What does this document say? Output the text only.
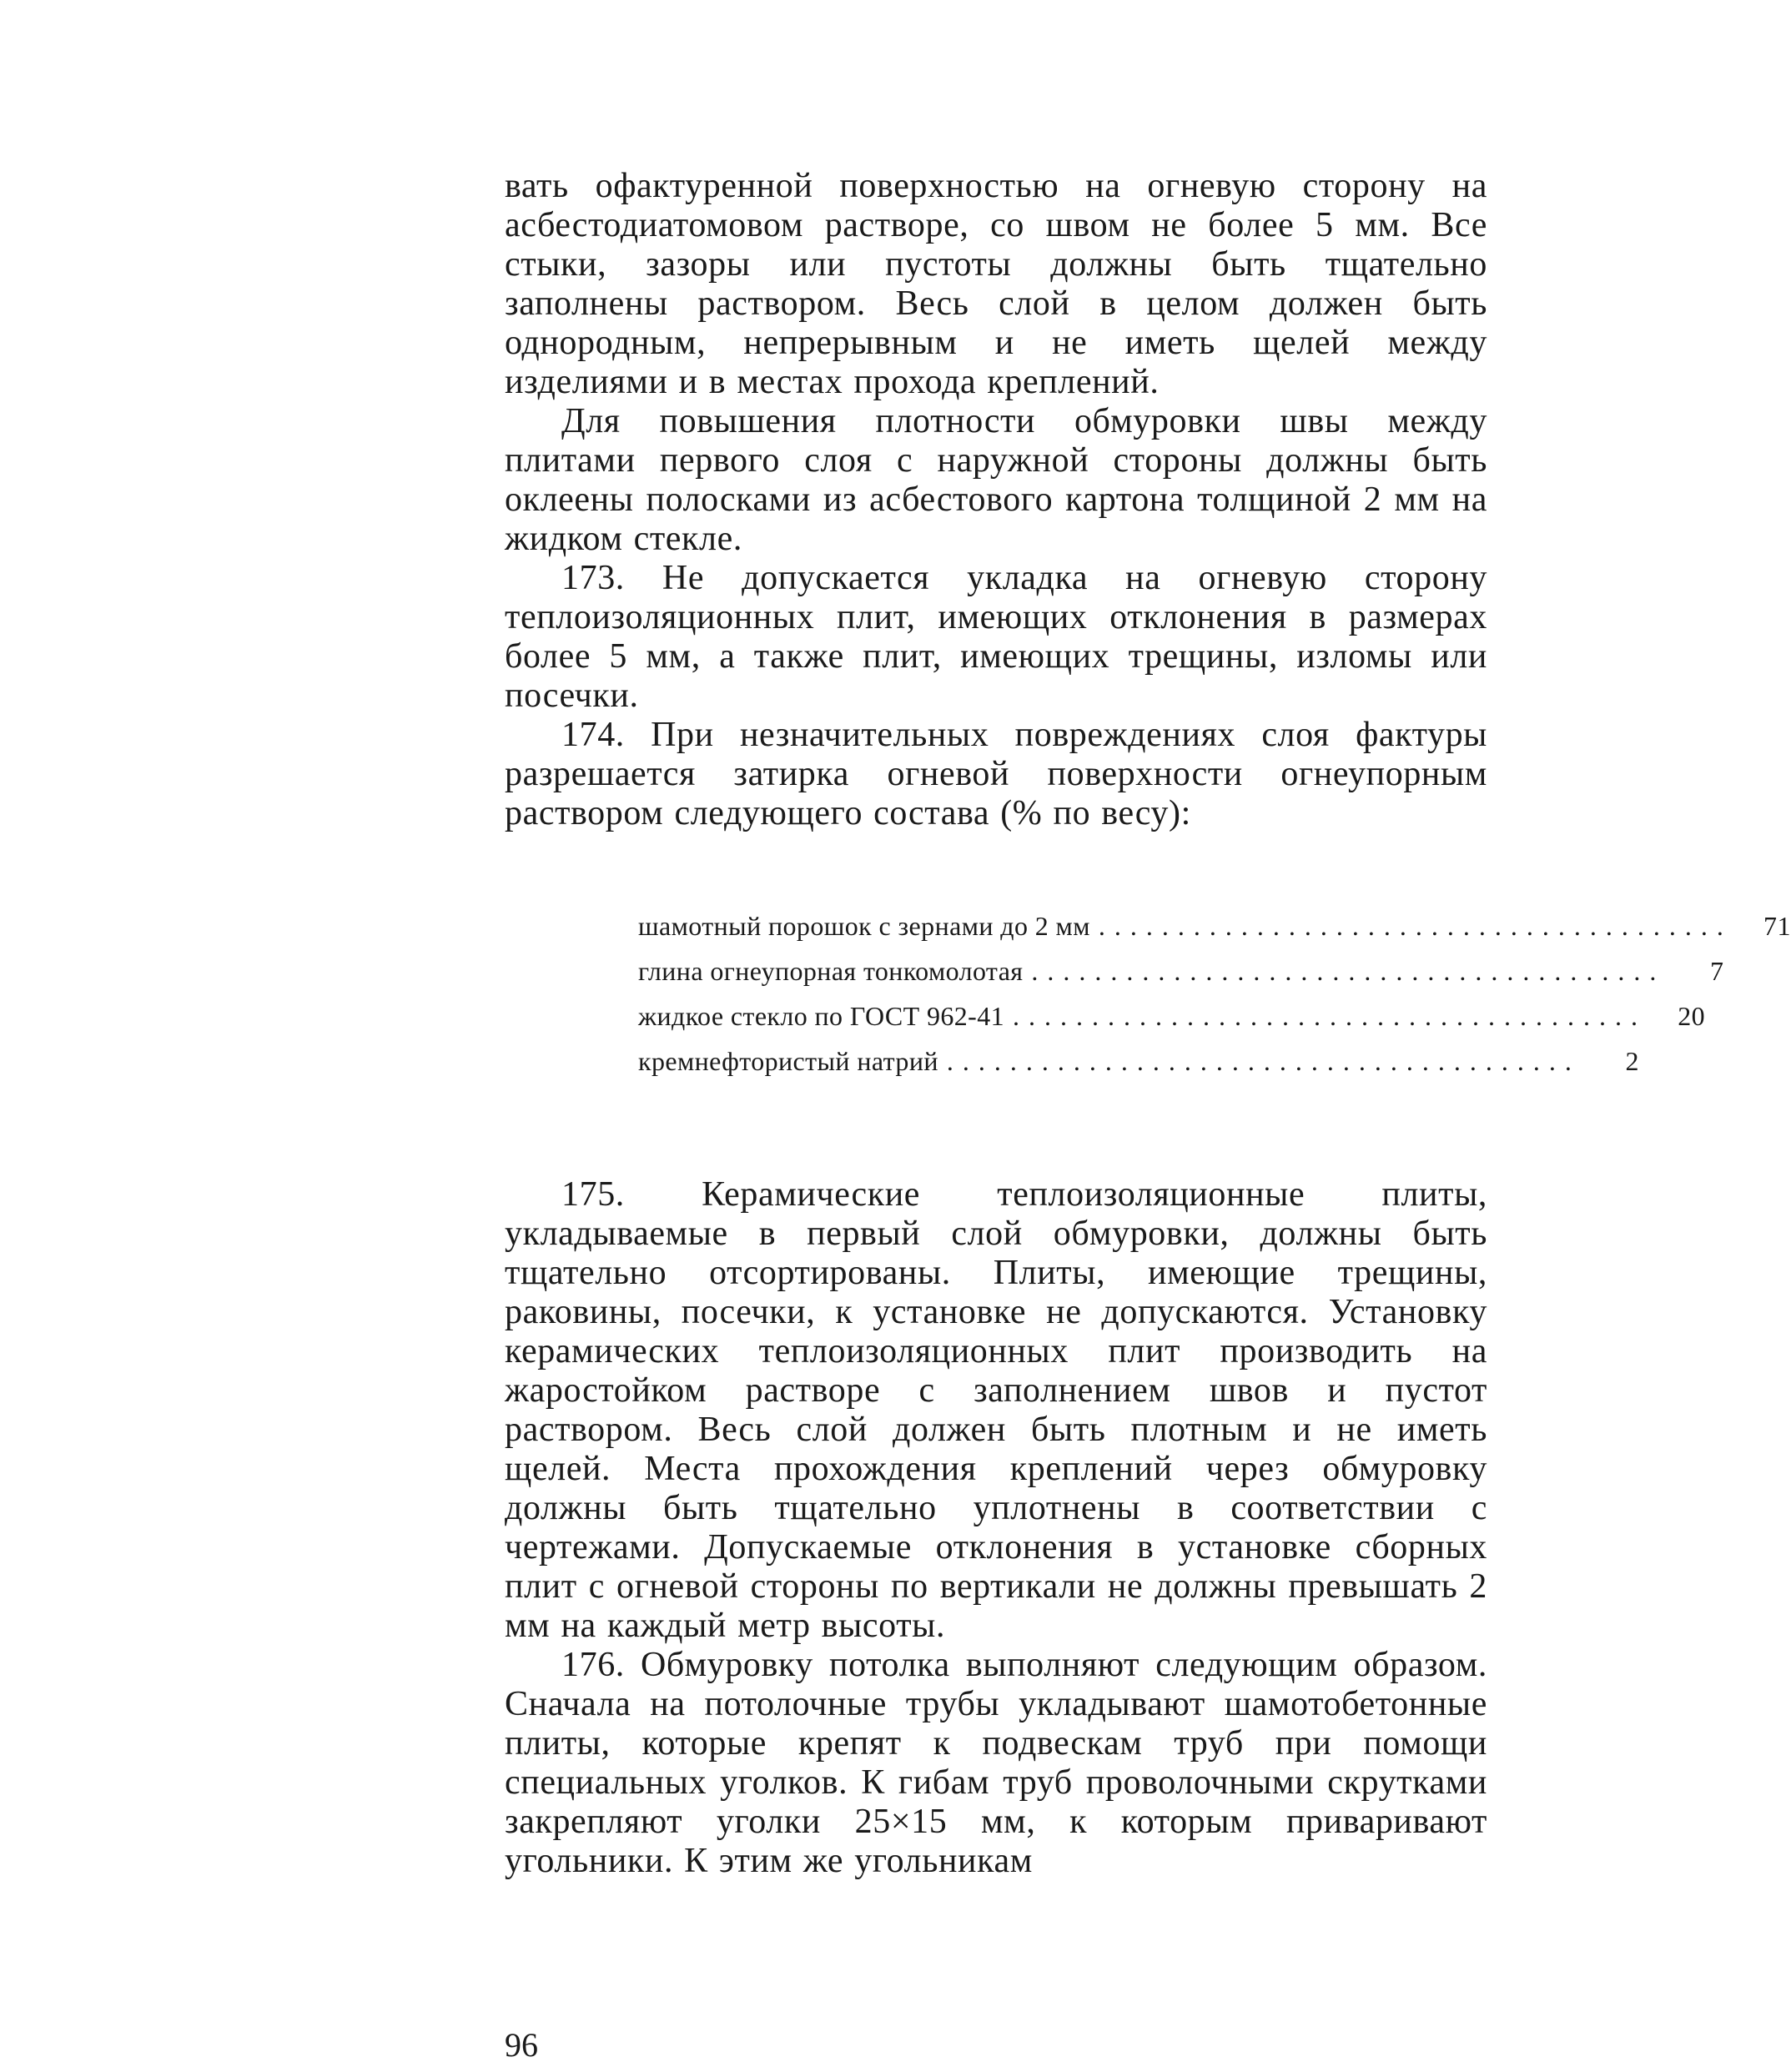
вать офактуренной поверхностью на огневую сторону на асбестодиатомовом растворе, со швом не более 5 мм. Все стыки, зазоры или пустоты должны быть тщательно заполнены раствором. Весь слой в целом должен быть однородным, непрерывным и не иметь щелей между изделиями и в местах прохода креплений.

Для повышения плотности обмуровки швы между плитами первого слоя с наружной стороны должны быть оклеены полосками из асбестового картона толщиной 2 мм на жидком стекле.

173. Не допускается укладка на огневую сторону теплоизоляционных плит, имеющих отклонения в размерах более 5 мм, а также плит, имеющих трещины, изломы или посечки.

174. При незначительных повреждениях слоя фактуры разрешается затирка огневой поверхности огнеупорным раствором следующего состава (% по весу):

шамотный порошок с зернами до 2 мм ........................................	71
глина огнеупорная тонкомолотая ........................................	7
жидкое стекло по ГОСТ 962-41 ........................................	20
кремнефтористый натрий ........................................	2

175. Керамические теплоизоляционные плиты, укладываемые в первый слой обмуровки, должны быть тщательно отсортированы. Плиты, имеющие трещины, раковины, посечки, к установке не допускаются. Установку керамических теплоизоляционных плит производить на жаростойком растворе с заполнением швов и пустот раствором. Весь слой должен быть плотным и не иметь щелей. Места прохождения креплений через обмуровку должны быть тщательно уплотнены в соответствии с чертежами. Допускаемые отклонения в установке сборных плит с огневой стороны по вертикали не должны превышать 2 мм на каждый метр высоты.

176. Обмуровку потолка выполняют следующим образом. Сначала на потолочные трубы укладывают шамотобетонные плиты, которые крепят к подвескам труб при помощи специальных уголков. К гибам труб проволочными скрутками закрепляют уголки 25×15 мм, к которым приваривают угольники. К этим же угольникам

96
